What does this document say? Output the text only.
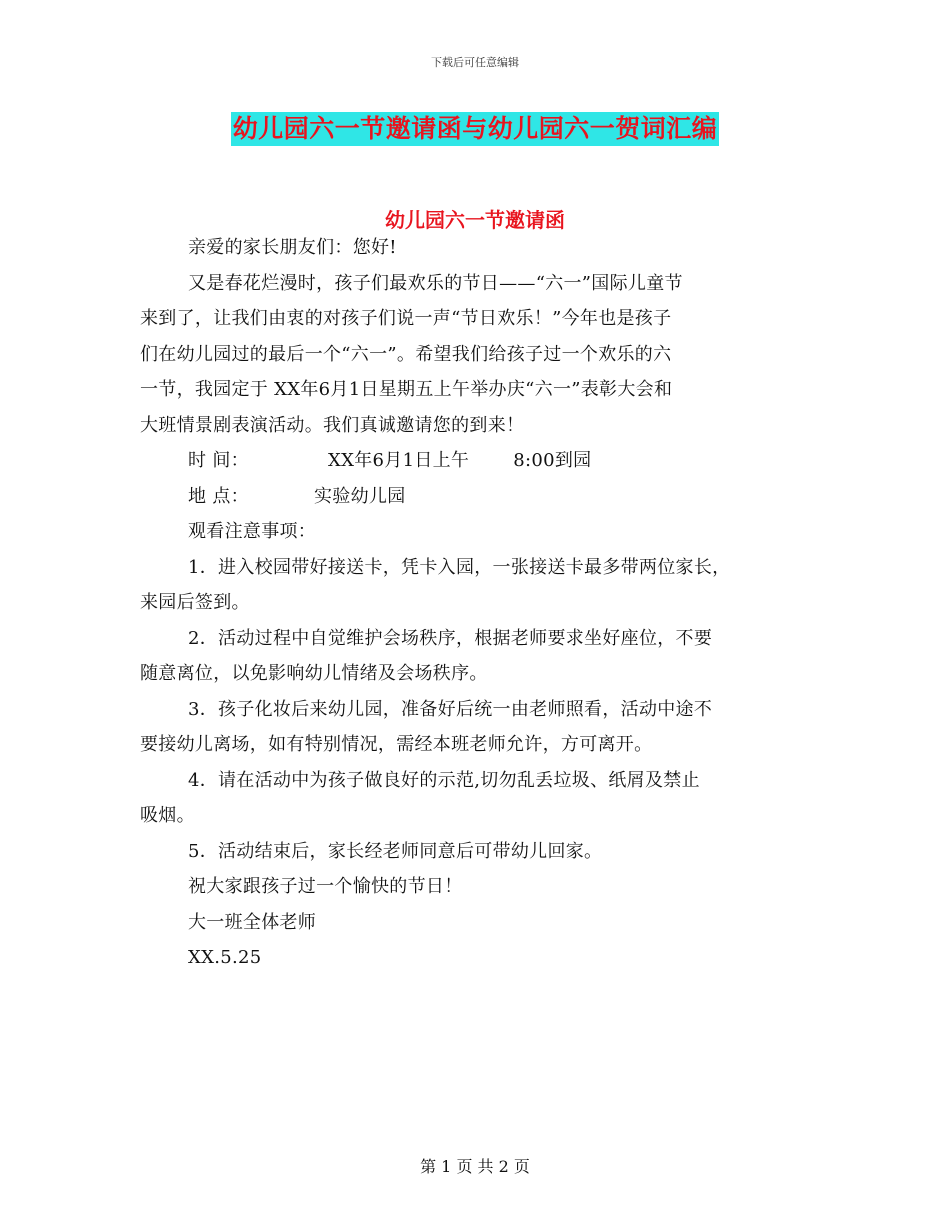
下载后可任意编辑
幼儿园六一节邀请函与幼儿园六一贺词汇编
幼儿园六一节邀请函
亲爱的家长朋友们：您好!
又是春花烂漫时，孩子们最欢乐的节日——“六一”国际儿童节
来到了，让我们由衷的对孩子们说一声“节日欢乐！”今年也是孩子
们在幼儿园过的最后一个“六一”。希望我们给孩子过一个欢乐的六
一节，我园定于 XX年6月1日星期五上午举办庆“六一”表彰大会和
大班情景剧表演活动。我们真诚邀请您的到来！
时 间：	XX年6月1日上午 8:00到园
地 点：	实验幼儿园
观看注意事项：
1．进入校园带好接送卡，凭卡入园，一张接送卡最多带两位家长，
来园后签到。
2．活动过程中自觉维护会场秩序，根据老师要求坐好座位，不要
随意离位，以免影响幼儿情绪及会场秩序。
3．孩子化妆后来幼儿园，准备好后统一由老师照看，活动中途不
要接幼儿离场，如有特别情况，需经本班老师允许，方可离开。
4．请在活动中为孩子做良好的示范,切勿乱丢垃圾、纸屑及禁止
吸烟。
5．活动结束后，家长经老师同意后可带幼儿回家。
祝大家跟孩子过一个愉快的节日！
大一班全体老师
XX.5.25
第 1 页 共 2 页
